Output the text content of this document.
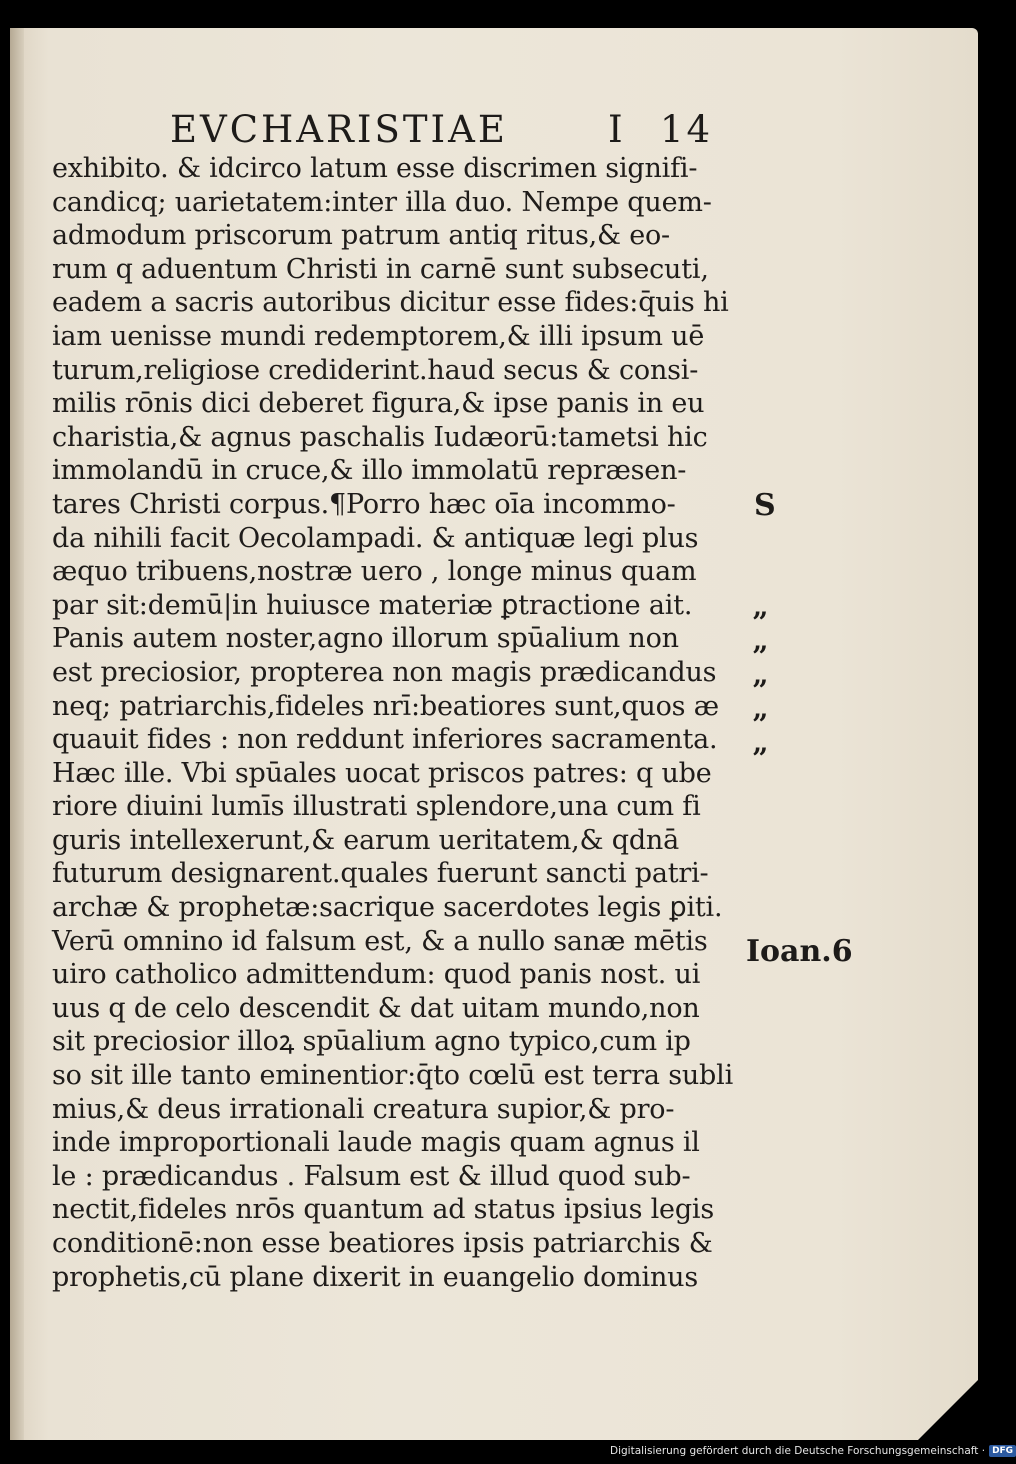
EVCHARISTIAE	I 14
exhibito. & idcirco latum esse discrimen signifi-
candicq; uarietatem:inter illa duo. Nempe quem-
admodum priscorum patrum antiq ritus,& eo-
rum q aduentum Christi in carnē sunt subsecuti,
eadem a sacris autoribus dicitur esse fides:q̄uis hi
iam uenisse mundi redemptorem,& illi ipsum uē
turum,religiose crediderint.haud secus & consi-
milis rōnis dici deberet figura,& ipse panis in eu
charistia,& agnus paschalis Iudæorū:tametsi hic
immolandū in cruce,& illo immolatū repræsen-
tares Christi corpus.¶Porro hæc oīa incommo-
da nihili facit Oecolampadi. & antiquæ legi plus
æquo tribuens,nostræ uero , longe minus quam
par sit:demū|in huiusce materiæ ꝑtractione ait.
Panis autem noster,agno illorum spūalium non
est preciosior, propterea non magis prædicandus
neq; patriarchis,fideles nrī:beatiores sunt,quos æ
quauit fides : non reddunt inferiores sacramenta.
Hæc ille. Vbi spūales uocat priscos patres: q ube
riore diuini lumīs illustrati splendore,una cum fi
guris intellexerunt,& earum ueritatem,& qdnā
futurum designarent.quales fuerunt sancti patri-
archæ & prophetæ:sacrique sacerdotes legis ꝑiti.
Verū omnino id falsum est, & a nullo sanæ mētis
uiro catholico admittendum: quod panis nost. ui
uus q de celo descendit & dat uitam mundo,non
sit preciosior illoꝝ spūalium agno typico,cum ip
so sit ille tanto eminentior:q̄to cœlū est terra subli
mius,& deus irrationali creatura supior,& pro-
inde improportionali laude magis quam agnus il
le : prædicandus . Falsum est & illud quod sub-
nectit,fideles nrōs quantum ad status ipsius legis
conditionē:non esse beatiores ipsis patriarchis &
prophetis,cū plane dixerit in euangelio dominus
S
”
”
”
”
”
Ioan.6
Digitalisierung gefördert durch die Deutsche Forschungsgemeinschaft · DFG
